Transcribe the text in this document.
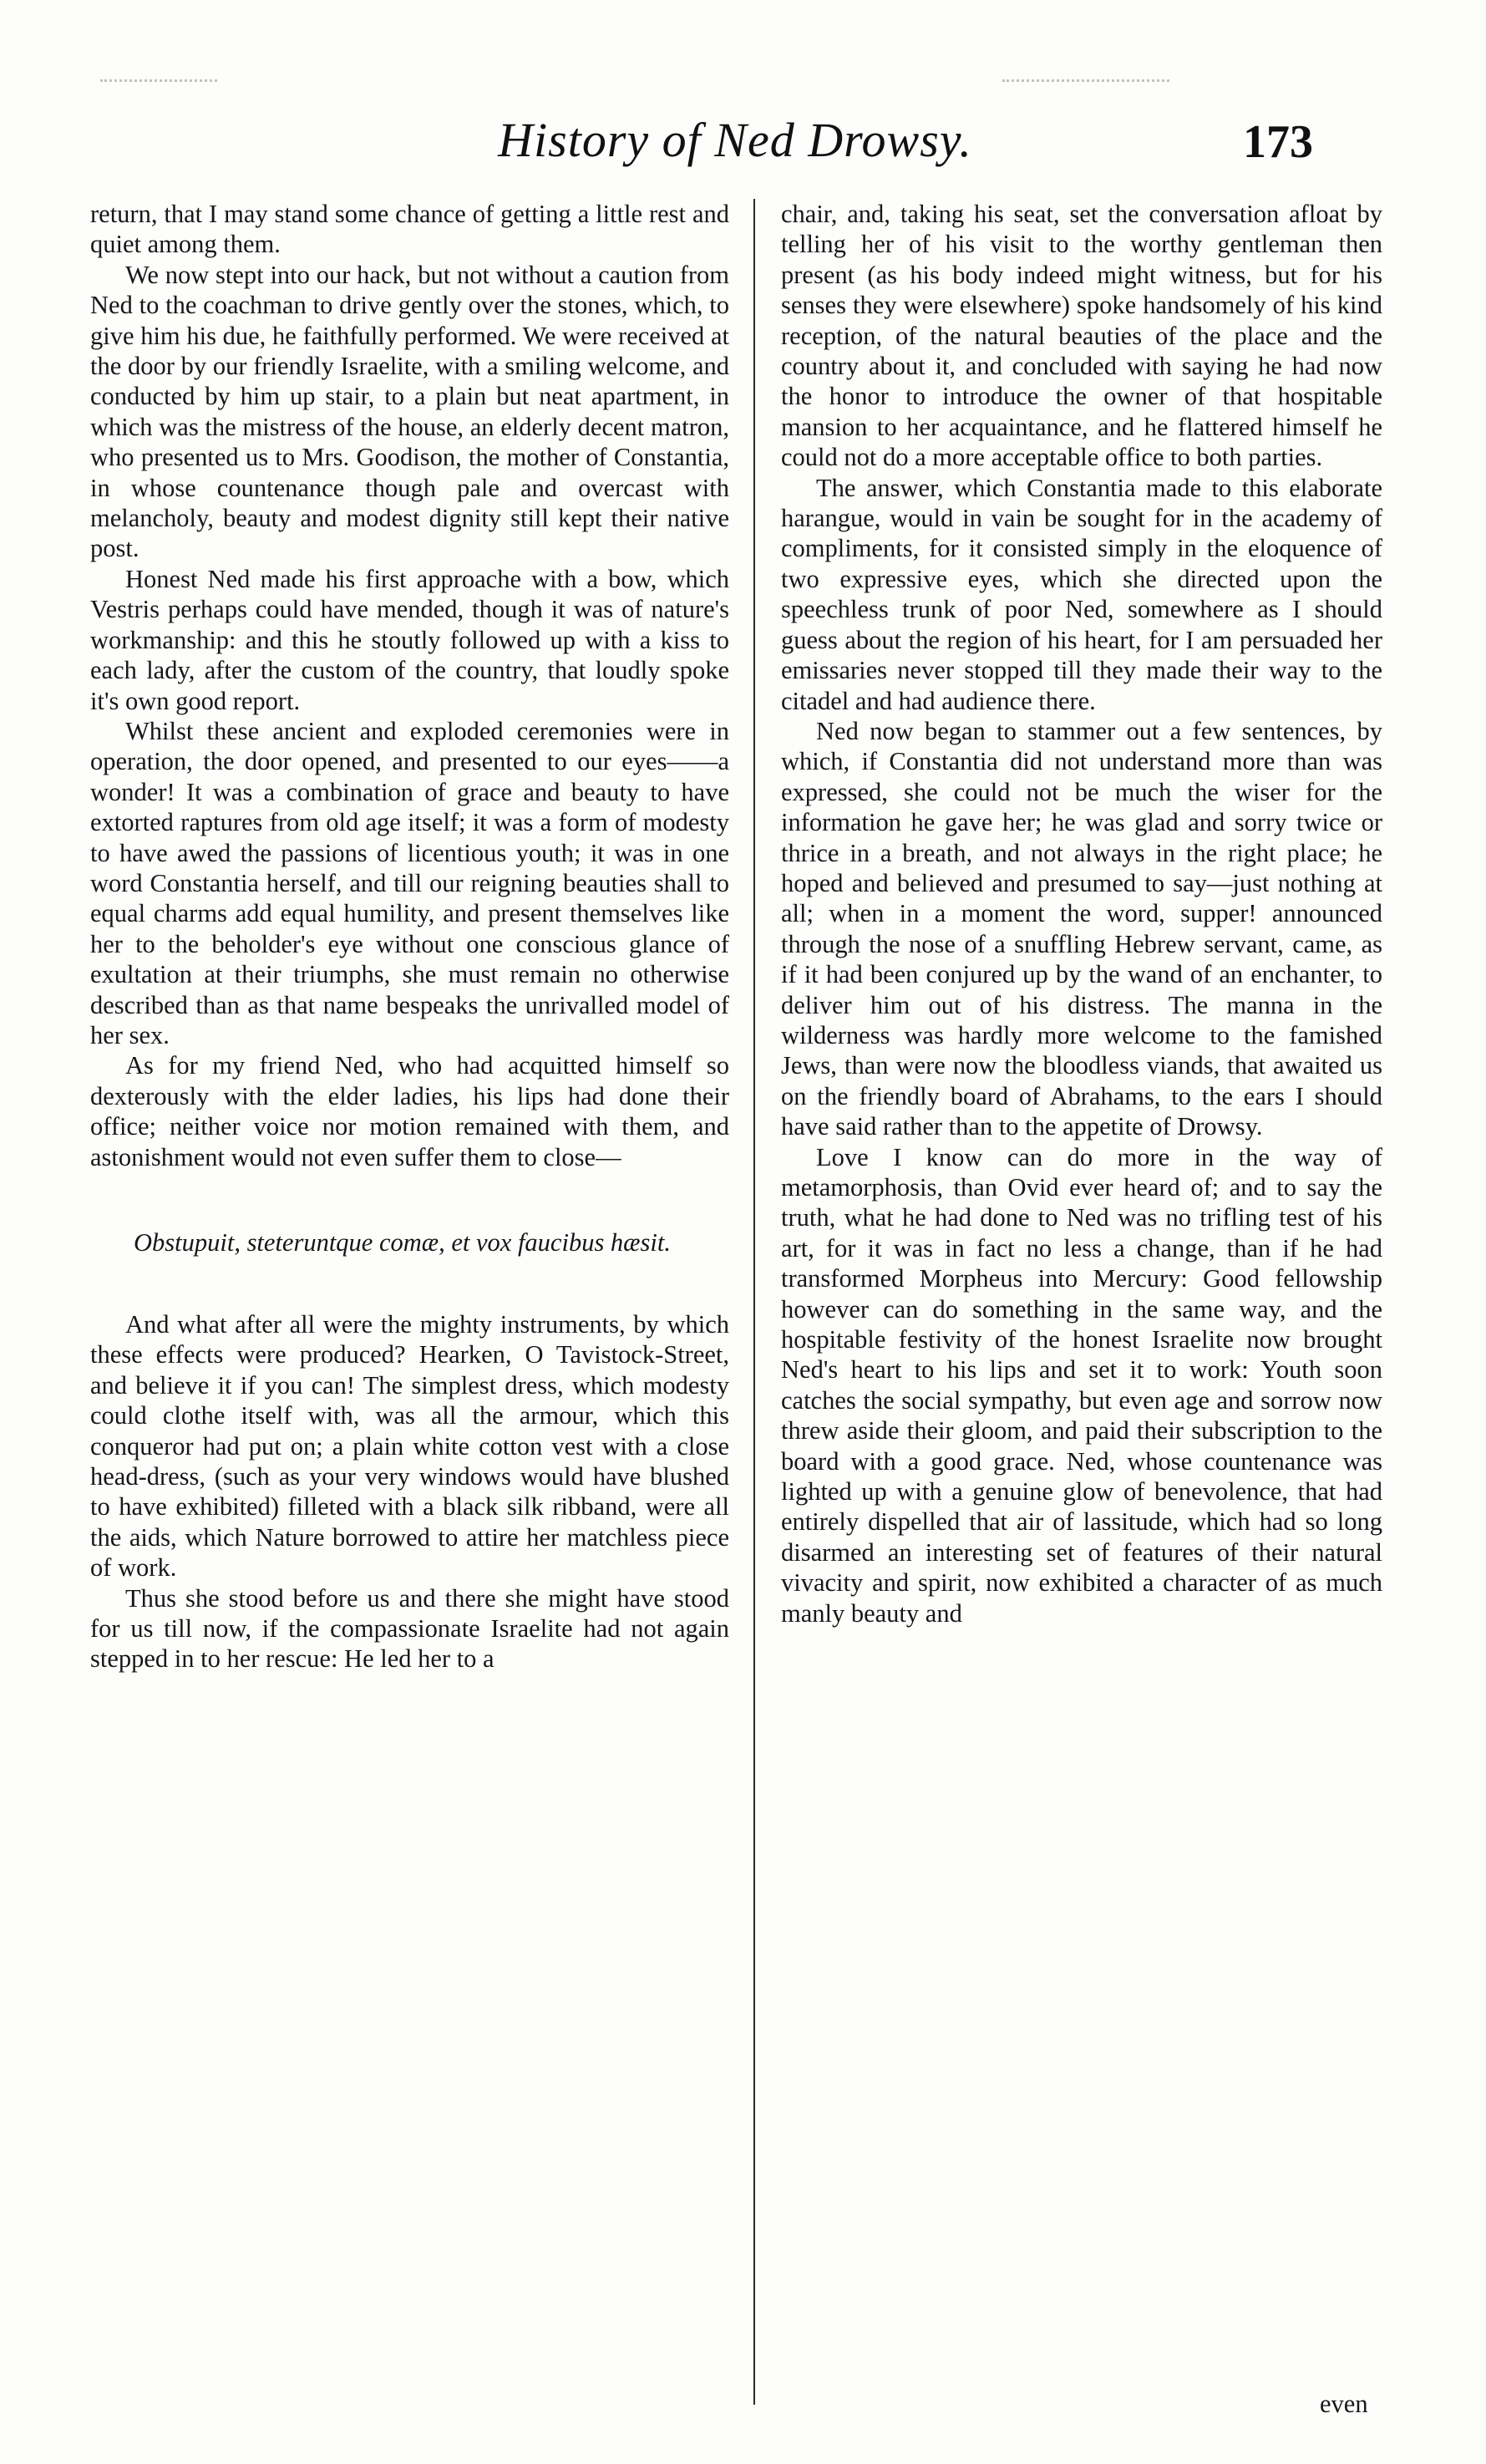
History of Ned Drowsy.	173

return, that I may stand some chance of getting a little rest and quiet among them.

We now stept into our hack, but not without a caution from Ned to the coachman to drive gently over the stones, which, to give him his due, he faithfully performed. We were received at the door by our friendly Israelite, with a smiling welcome, and conducted by him up stair, to a plain but neat apartment, in which was the mistress of the house, an elderly decent matron, who presented us to Mrs. Goodison, the mother of Constantia, in whose countenance though pale and overcast with melancholy, beauty and modest dignity still kept their native post.

Honest Ned made his first approache with a bow, which Vestris perhaps could have mended, though it was of nature's workmanship: and this he stoutly followed up with a kiss to each lady, after the custom of the country, that loudly spoke it's own good report.

Whilst these ancient and exploded ceremonies were in operation, the door opened, and presented to our eyes——a wonder! It was a combination of grace and beauty to have extorted raptures from old age itself; it was a form of modesty to have awed the passions of licentious youth; it was in one word Constantia herself, and till our reigning beauties shall to equal charms add equal humility, and present themselves like her to the beholder's eye without one conscious glance of exultation at their triumphs, she must remain no otherwise described than as that name bespeaks the unrivalled model of her sex.

As for my friend Ned, who had acquitted himself so dexterously with the elder ladies, his lips had done their office; neither voice nor motion remained with them, and astonishment would not even suffer them to close—

Obstupuit, steteruntque comæ, et vox faucibus hæsit.

And what after all were the mighty instruments, by which these effects were produced? Hearken, O Tavistock-Street, and believe it if you can! The simplest dress, which modesty could clothe itself with, was all the armour, which this conqueror had put on; a plain white cotton vest with a close head-dress, (such as your very windows would have blushed to have exhibited) filleted with a black silk ribband, were all the aids, which Nature borrowed to attire her matchless piece of work.

Thus she stood before us and there she might have stood for us till now, if the compassionate Israelite had not again stepped in to her rescue: He led her to a

chair, and, taking his seat, set the conversation afloat by telling her of his visit to the worthy gentleman then present (as his body indeed might witness, but for his senses they were elsewhere) spoke handsomely of his kind reception, of the natural beauties of the place and the country about it, and concluded with saying he had now the honor to introduce the owner of that hospitable mansion to her acquaintance, and he flattered himself he could not do a more acceptable office to both parties.

The answer, which Constantia made to this elaborate harangue, would in vain be sought for in the academy of compliments, for it consisted simply in the eloquence of two expressive eyes, which she directed upon the speechless trunk of poor Ned, somewhere as I should guess about the region of his heart, for I am persuaded her emissaries never stopped till they made their way to the citadel and had audience there.

Ned now began to stammer out a few sentences, by which, if Constantia did not understand more than was expressed, she could not be much the wiser for the information he gave her; he was glad and sorry twice or thrice in a breath, and not always in the right place; he hoped and believed and presumed to say—just nothing at all; when in a moment the word, supper! announced through the nose of a snuffling Hebrew servant, came, as if it had been conjured up by the wand of an enchanter, to deliver him out of his distress. The manna in the wilderness was hardly more welcome to the famished Jews, than were now the bloodless viands, that awaited us on the friendly board of Abrahams, to the ears I should have said rather than to the appetite of Drowsy.

Love I know can do more in the way of metamorphosis, than Ovid ever heard of; and to say the truth, what he had done to Ned was no trifling test of his art, for it was in fact no less a change, than if he had transformed Morpheus into Mercury: Good fellowship however can do something in the same way, and the hospitable festivity of the honest Israelite now brought Ned's heart to his lips and set it to work: Youth soon catches the social sympathy, but even age and sorrow now threw aside their gloom, and paid their subscription to the board with a good grace. Ned, whose countenance was lighted up with a genuine glow of benevolence, that had entirely dispelled that air of lassitude, which had so long disarmed an interesting set of features of their natural vivacity and spirit, now exhibited a character of as much manly beauty and

even
